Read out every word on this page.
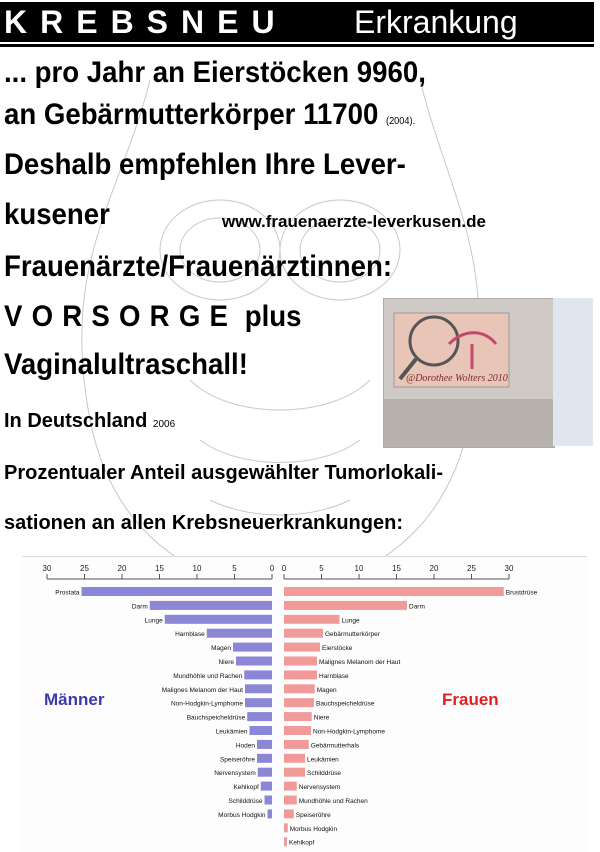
KREBSNEU Erkrankung
... pro Jahr an Eierstöcken 9960,
an Gebärmutterkörper 11700 (2004).
Deshalb empfehlen Ihre Lever-
kusener	www.frauenaerzte-leverkusen.de
Frauenärzte/Frauenärztinnen:
VORSORGE plus
Vaginalultraschall!
In Deutschland 2006
Prozentualer Anteil ausgewählter Tumorlokali-
sationen an allen Krebsneuerkrankungen:
@Dorothee Wolters 2010
30	25	20	15	10	5	0 0	5	10	15	20	25	30
Prostata
Darm
Lunge
Harnblase
Magen
Niere
Mundhöhle und Rachen
Malignes Melanom der Haut
Non-Hodgkin-Lymphome
Bauchspeicheldrüse
Leukämien
Hoden
Speiseröhre
Nervensystem
Kehlkopf
Schilddrüse
Morbus Hodgkin
Brustdrüse
Darm
Lunge
Gebärmutterkörper
Eierstöcke
Malignes Melanom der Haut
Harnblase
Magen
Bauchspeicheldrüse
Niere
Non-Hodgkin-Lymphome
Gebärmutterhals
Leukämien
Schilddrüse
Nervensystem
Mundhöhle und Rachen
Speiseröhre
Morbus Hodgkin
Kehlkopf
Männer	Frauen
